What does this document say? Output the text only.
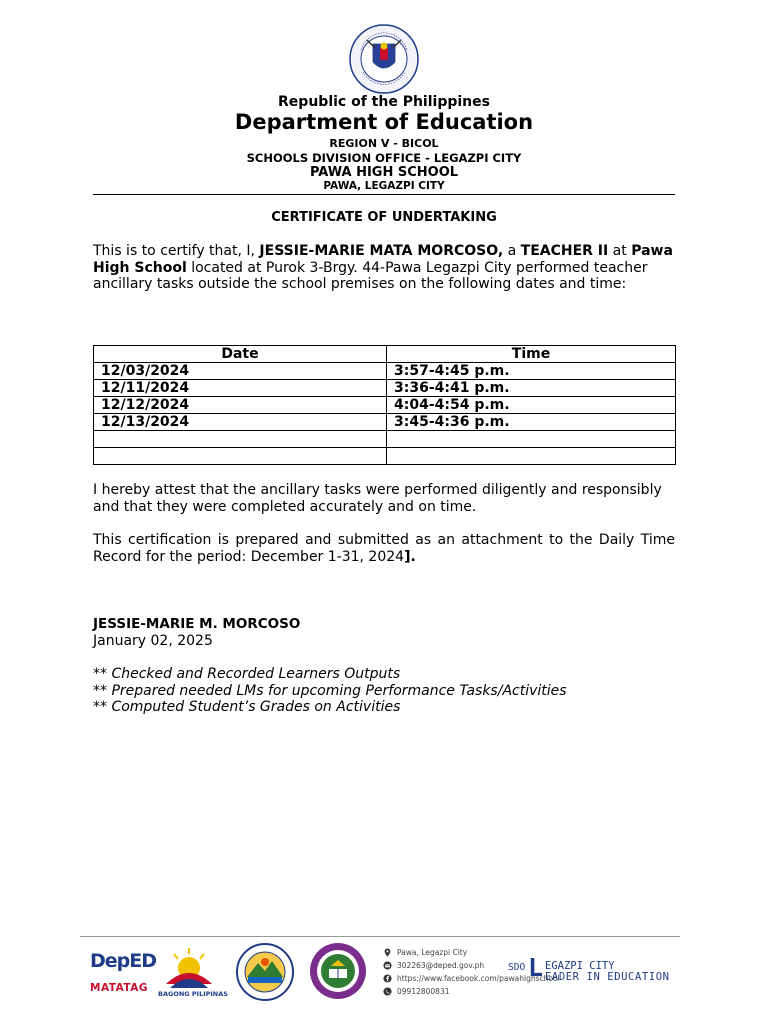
Republic of the Philippines
Department of Education
REGION V - BICOL
SCHOOLS DIVISION OFFICE - LEGAZPI CITY
PAWA HIGH SCHOOL
PAWA, LEGAZPI CITY
CERTIFICATE OF UNDERTAKING
This is to certify that, I, JESSIE-MARIE MATA MORCOSO, a TEACHER II at Pawa High School located at Purok 3-Brgy. 44-Pawa Legazpi City performed teacher ancillary tasks outside the school premises on the following dates and time:
Date	Time
12/03/2024	3:57-4:45 p.m.
12/11/2024	3:36-4:41 p.m.
12/12/2024	4:04-4:54 p.m.
12/13/2024	3:45-4:36 p.m.

I hereby attest that the ancillary tasks were performed diligently and responsibly and that they were completed accurately and on time.
This certification is prepared and submitted as an attachment to the Daily Time Record for the period: December 1-31, 2024].
JESSIE-MARIE M. MORCOSO
January 02, 2025
** Checked and Recorded Learners Outputs
** Prepared needed LMs for upcoming Performance Tasks/Activities
** Computed Student’s Grades on Activities
DepED
MATATAG BAGONG PILIPINAS
Pawa, Legazpi City
302263@deped.gov.ph
https://www.facebook.com/pawahighschool
09912800831
SDO L EGAZPI CITY
EADER IN EDUCATION
